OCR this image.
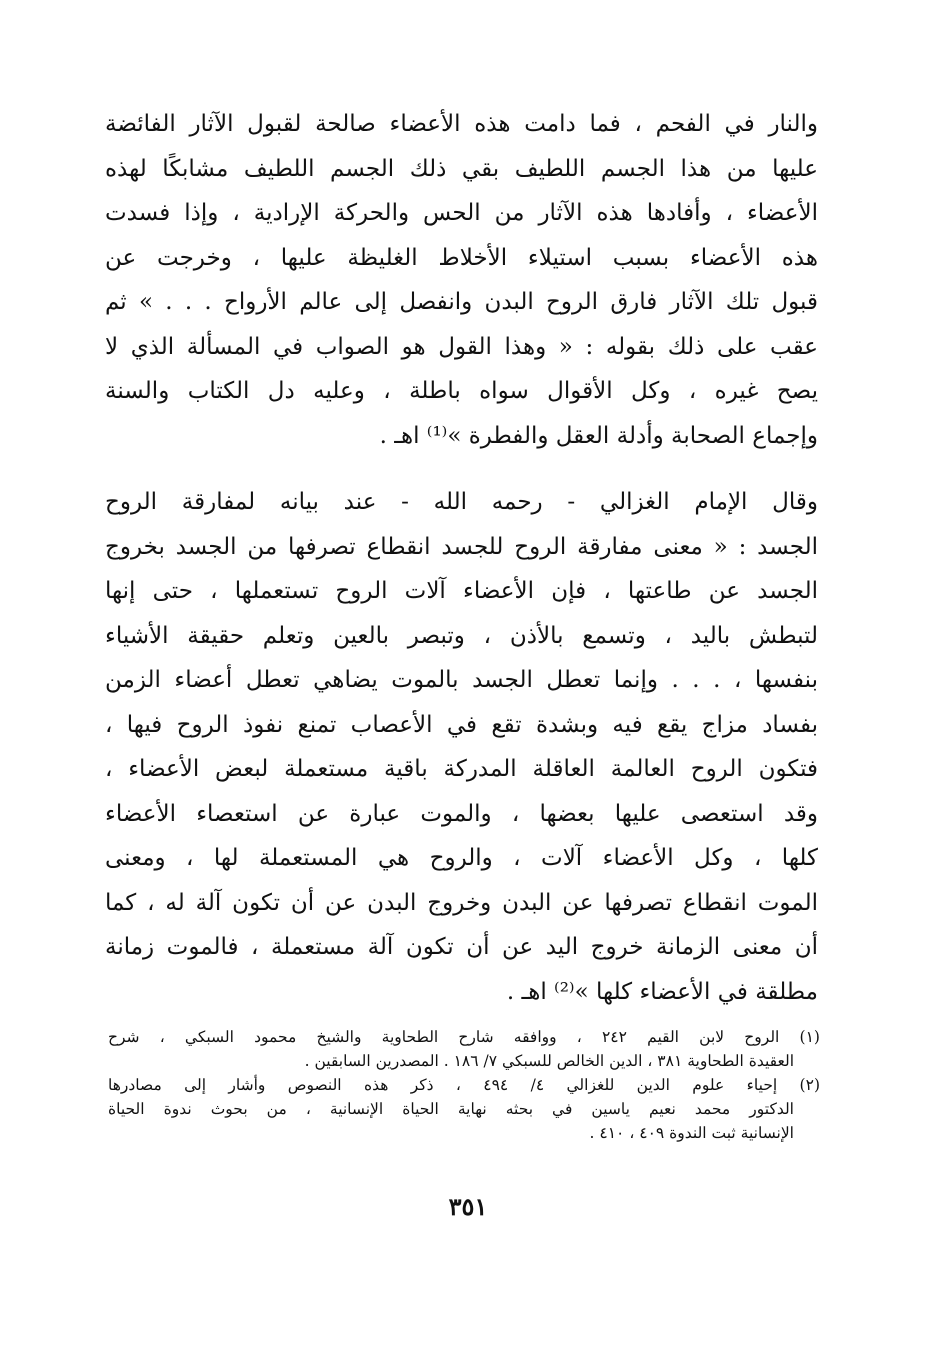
والنار في الفحم ، فما دامت هذه الأعضاء صالحة لقبول الآثار الفائضة
عليها من هذا الجسم اللطيف بقي ذلك الجسم اللطيف مشابكًا لهذه
الأعضاء ، وأفادها هذه الآثار من الحس والحركة الإرادية ، وإذا فسدت
هذه الأعضاء بسبب استيلاء الأخلاط الغليظة عليها ، وخرجت عن
قبول تلك الآثار فارق الروح البدن وانفصل إلى عالم الأرواح . . . » ثم
عقب على ذلك بقوله : « وهذا القول هو الصواب في المسألة الذي لا
يصح غيره ، وكل الأقوال سواه باطلة ، وعليه دل الكتاب والسنة
وإجماع الصحابة وأدلة العقل والفطرة »⁽¹⁾ اهـ .
وقال الإمام الغزالي - رحمه الله - عند بيانه لمفارقة الروح
الجسد : « معنى مفارقة الروح للجسد انقطاع تصرفها من الجسد بخروج
الجسد عن طاعتها ، فإن الأعضاء آلات الروح تستعملها ، حتى إنها
لتبطش باليد ، وتسمع بالأذن ، وتبصر بالعين وتعلم حقيقة الأشياء
بنفسها ، . . . وإنما تعطل الجسد بالموت يضاهي تعطل أعضاء الزمن
بفساد مزاج يقع فيه وبشدة تقع في الأعصاب تمنع نفوذ الروح فيها ،
فتكون الروح العالمة العاقلة المدركة باقية مستعملة لبعض الأعضاء ،
وقد استعصى عليها بعضها ، والموت عبارة عن استعصاء الأعضاء
كلها ، وكل الأعضاء آلات ، والروح هي المستعملة لها ، ومعنى
الموت انقطاع تصرفها عن البدن وخروج البدن عن أن تكون آلة له ، كما
أن معنى الزمانة خروج اليد عن أن تكون آلة مستعملة ، فالموت زمانة
مطلقة في الأعضاء كلها »⁽²⁾ اهـ .
(١) الروح لابن القيم ٢٤٢ ، ووافقه شارح الطحاوية والشيخ محمود السبكي ، شرح
العقيدة الطحاوية ٣٨١ ، الدين الخالص للسبكي ٧/ ١٨٦ . المصدرين السابقين .
(٢) إحياء علوم الدين للغزالي ٤/ ٤٩٤ ، ذكر هذه النصوص وأشار إلى مصادرها
الدكتور محمد نعيم ياسين في بحثه نهاية الحياة الإنسانية ، من بحوث ندوة الحياة
الإنسانية ثبت الندوة ٤٠٩ ، ٤١٠ .
٣٥١
